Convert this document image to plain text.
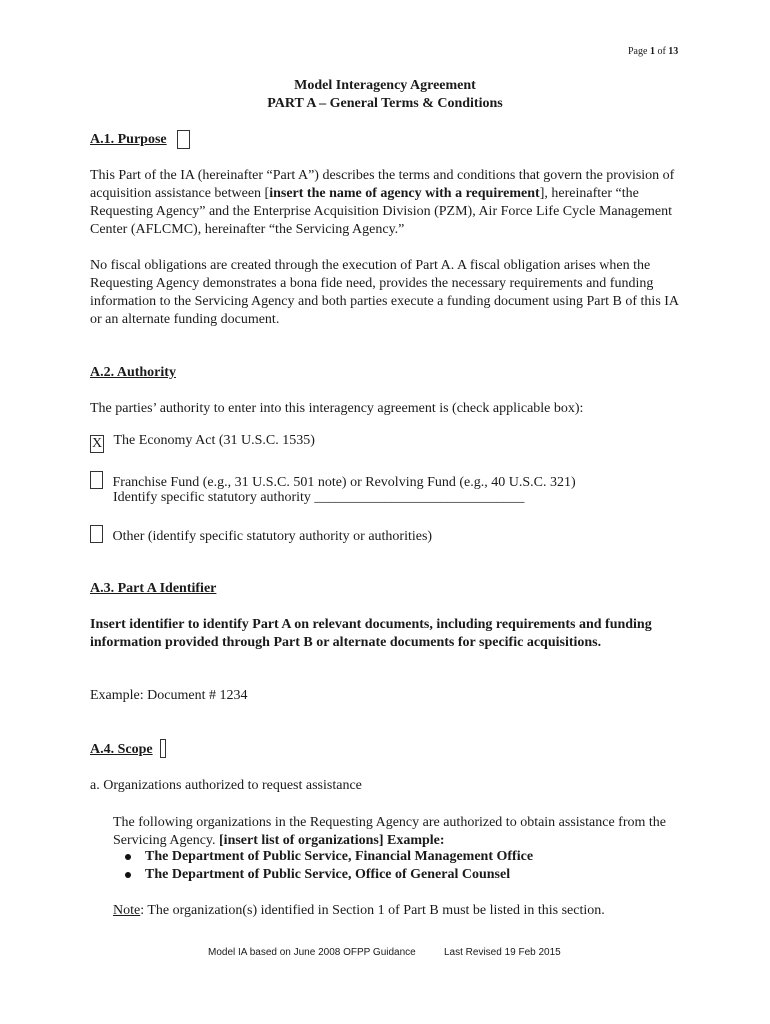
Page 1 of 13
Model Interagency Agreement
PART A – General Terms & Conditions
A.1. Purpose
This Part of the IA (hereinafter “Part A”) describes the terms and conditions that govern the provision of acquisition assistance between [insert the name of agency with a requirement], hereinafter “the Requesting Agency” and the Enterprise Acquisition Division (PZM), Air Force Life Cycle Management Center (AFLCMC), hereinafter “the Servicing Agency.”
No fiscal obligations are created through the execution of Part A. A fiscal obligation arises when the Requesting Agency demonstrates a bona fide need, provides the necessary requirements and funding information to the Servicing Agency and both parties execute a funding document using Part B of this IA or an alternate funding document.
A.2. Authority
The parties’ authority to enter into this interagency agreement is (check applicable box):
X The Economy Act (31 U.S.C. 1535)
Franchise Fund (e.g., 31 U.S.C. 501 note) or Revolving Fund (e.g., 40 U.S.C. 321)
Identify specific statutory authority ______________________________
Other (identify specific statutory authority or authorities)
A.3. Part A Identifier
Insert identifier to identify Part A on relevant documents, including requirements and funding information provided through Part B or alternate documents for specific acquisitions.
Example: Document # 1234
A.4. Scope
a. Organizations authorized to request assistance
The following organizations in the Requesting Agency are authorized to obtain assistance from the Servicing Agency. [insert list of organizations] Example:
The Department of Public Service, Financial Management Office
The Department of Public Service, Office of General Counsel
Note: The organization(s) identified in Section 1 of Part B must be listed in this section.
Model IA based on June 2008 OFPP Guidance	Last Revised 19 Feb 2015
